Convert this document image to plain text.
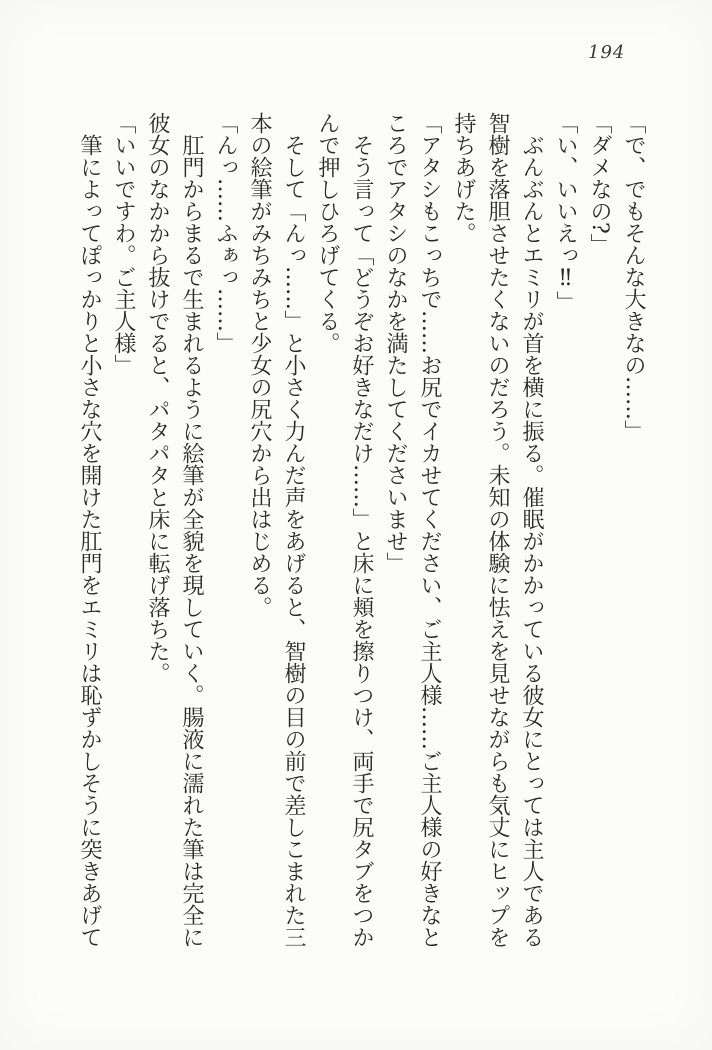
194

「で、でもそんな大きなの……」

「ダメなの?」

「い、いいえっ‼」

ぶんぶんとエミリが首を横に振る。催眠がかかっている彼女にとっては主人である

智樹を落胆させたくないのだろう。未知の体験に怯えを見せながらも気丈にヒップを

持ちあげた。

「アタシもこっちで……お尻でイカせてください、ご主人様……ご主人様の好きなと

ころでアタシのなかを満たしてくださいませ」

そう言って「どうぞお好きなだけ……」と床に頬を擦りつけ、両手で尻タブをつか

んで押しひろげてくる。

そして「んっ……」と小さく力んだ声をあげると、智樹の目の前で差しこまれた三

本の絵筆がみちみちと少女の尻穴から出はじめる。

「んっ……ふぁっ……」

肛門からまるで生まれるように絵筆が全貌を現していく。腸液に濡れた筆は完全に

彼女のなかから抜けでると、パタパタと床に転げ落ちた。

「いいですわ。ご主人様」

筆によってぽっかりと小さな穴を開けた肛門をエミリは恥ずかしそうに突きあげて
